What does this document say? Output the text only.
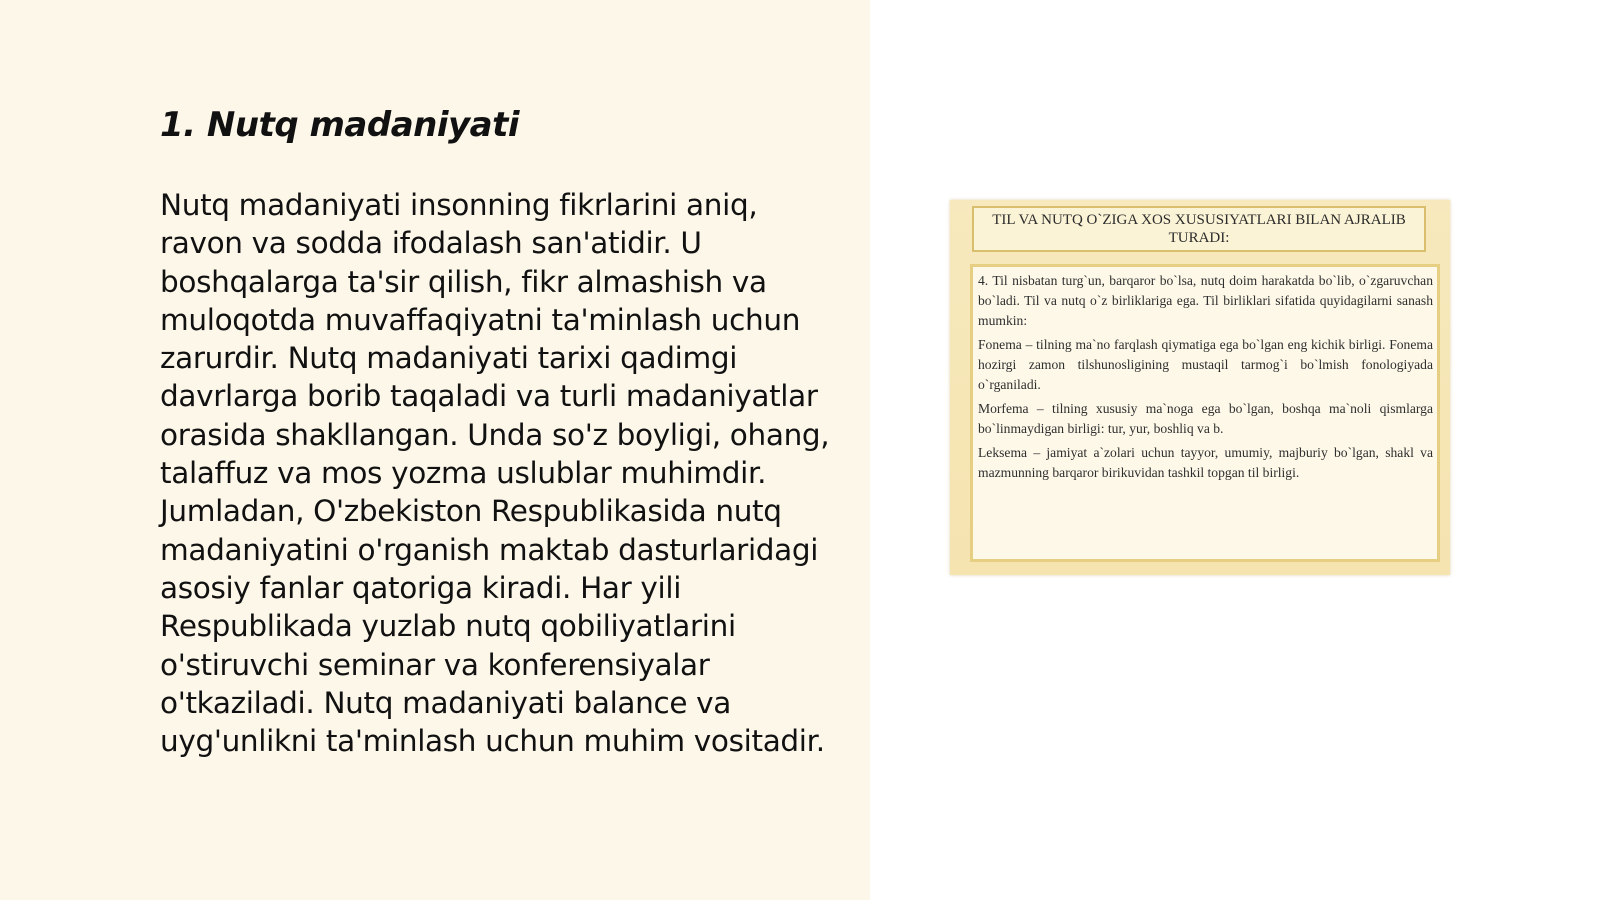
1. Nutq madaniyati

Nutq madaniyati insonning fikrlarini aniq, ravon va sodda ifodalash san'atidir. U boshqalarga ta'sir qilish, fikr almashish va muloqotda muvaffaqiyatni ta'minlash uchun zarurdir. Nutq madaniyati tarixi qadimgi davrlarga borib taqaladi va turli madaniyatlar orasida shakllangan. Unda so'z boyligi, ohang, talaffuz va mos yozma uslublar muhimdir. Jumladan, O'zbekiston Respublikasida nutq madaniyatini o'rganish maktab dasturlaridagi asosiy fanlar qatoriga kiradi. Har yili Respublikada yuzlab nutq qobiliyatlarini o'stiruvchi seminar va konferensiyalar o'tkaziladi. Nutq madaniyati balance va uyg'unlikni ta'minlash uchun muhim vositadir.

TIL VA NUTQ O`ZIGA XOS XUSUSIYATLARI BILAN AJRALIB TURADI:

4. Til nisbatan turg`un, barqaror bo`lsa, nutq doim harakatda bo`lib, o`zgaruvchan bo`ladi. Til va nutq o`z birliklariga ega. Til birliklari sifatida quyidagilarni sanash mumkin:

Fonema – tilning ma`no farqlash qiymatiga ega bo`lgan eng kichik birligi. Fonema hozirgi zamon tilshunosligining mustaqil tarmog`i bo`lmish fonologiyada o`rganiladi.

Morfema – tilning xususiy ma`noga ega bo`lgan, boshqa ma`noli qismlarga bo`linmaydigan birligi: tur, yur, boshliq va b.

Leksema – jamiyat a`zolari uchun tayyor, umumiy, majburiy bo`lgan, shakl va mazmunning barqaror birikuvidan tashkil topgan til birligi.
